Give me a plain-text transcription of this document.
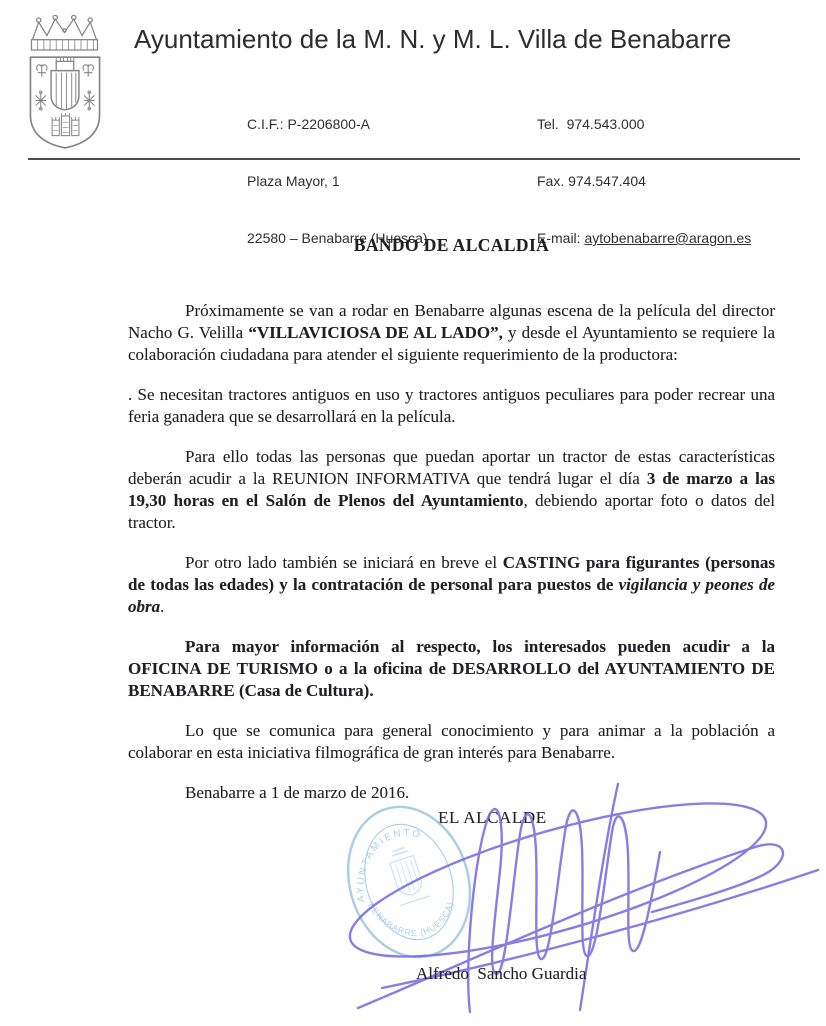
Ayuntamiento de la M. N. y M. L. Villa de Benabarre

C.I.F.: P-2206800-A

Plaza Mayor, 1

22580 – Benabarre (Huesca)

Tel.  974.543.000

Fax. 974.547.404

E-mail: aytobenabarre@aragon.es

BANDO DE ALCALDIA

Próximamente se van a rodar en Benabarre algunas escena de la película del director Nacho G. Velilla “VILLAVICIOSA DE AL LADO”, y desde el Ayuntamiento se requiere la colaboración ciudadana para atender el siguiente requerimiento de la productora:

. Se necesitan tractores antiguos en uso y tractores antiguos peculiares para poder recrear una feria ganadera que se desarrollará en la película.

Para ello todas las personas que puedan aportar un tractor de estas características deberán acudir a la REUNION INFORMATIVA que tendrá lugar el día 3 de marzo a las 19,30 horas en el Salón de Plenos del Ayuntamiento, debiendo aportar foto o datos del tractor.

Por otro lado también se iniciará en breve el CASTING para figurantes (personas de todas las edades) y la contratación de personal para puestos de vigilancia y peones de obra.

Para mayor información al respecto, los interesados pueden acudir a la OFICINA DE TURISMO o a la oficina de DESARROLLO del AYUNTAMIENTO DE BENABARRE (Casa de Cultura).

Lo que se comunica para general conocimiento y para animar a la población a colaborar en esta iniciativa filmográfica de gran interés para Benabarre.

Benabarre a 1 de marzo de 2016.

EL ALCALDE
AYUNTAMIENTO
BENABARRE (HUESCA)
Alfredo  Sancho Guardia
